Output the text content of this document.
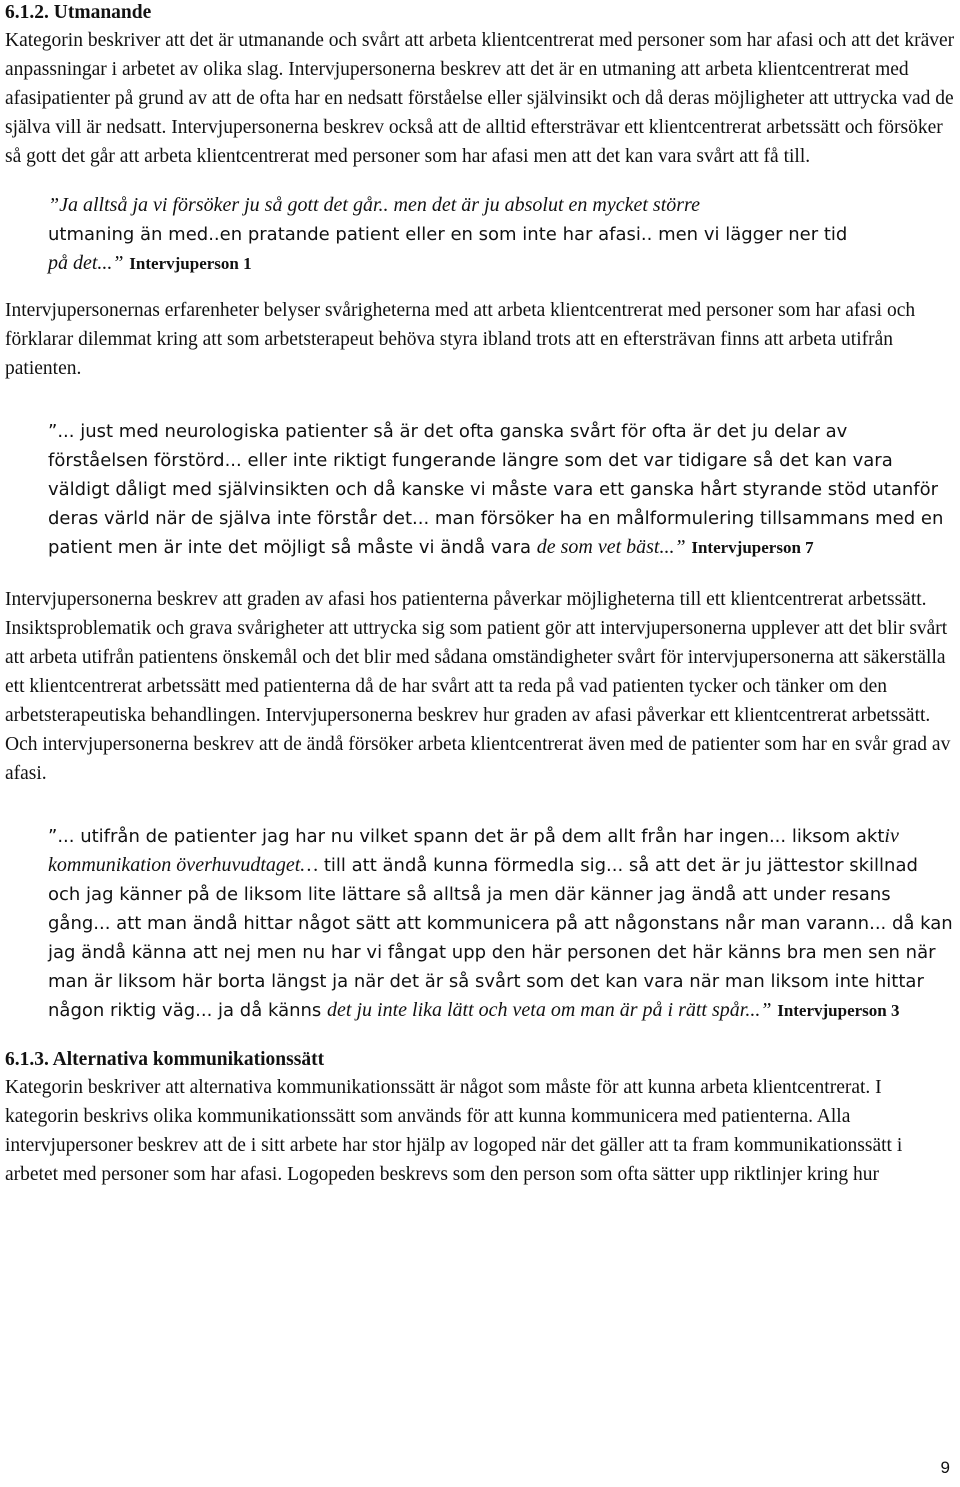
6.1.2. Utmanande

Kategorin beskriver att det är utmanande och svårt att arbeta klientcentrerat med personer som har afasi och att det kräver anpassningar i arbetet av olika slag. Intervjupersonerna beskrev att det är en utmaning att arbeta klientcentrerat med afasipatienter på grund av att de ofta har en nedsatt förståelse eller självinsikt och då deras möjligheter att uttrycka vad de själva vill är nedsatt. Intervjupersonerna beskrev också att de alltid eftersträvar ett klientcentrerat arbetssätt och försöker så gott det går att arbeta klientcentrerat med personer som har afasi men att det kan vara svårt att få till.

”Ja alltså ja vi försöker ju så gott det går.. men det är ju absolut en mycket större
utmaning än med..en pratande patient eller en som inte har afasi.. men vi lägger ner tid
på det...” Intervjuperson 1

Intervjupersonernas erfarenheter belyser svårigheterna med att arbeta klientcentrerat med personer som har afasi och förklarar dilemmat kring att som arbetsterapeut behöva styra ibland trots att en eftersträvan finns att arbeta utifrån patienten.

”... just med neurologiska patienter så är det ofta ganska svårt för ofta är det ju delar av förståelsen förstörd... eller inte riktigt fungerande längre som det var tidigare så det kan vara väldigt dåligt med självinsikten och då kanske vi måste vara ett ganska hårt styrande stöd utanför deras värld när de själva inte förstår det... man försöker ha en målformulering tillsammans med en patient men är inte det möjligt så måste vi ändå vara de som vet bäst...” Intervjuperson 7

Intervjupersonerna beskrev att graden av afasi hos patienterna påverkar möjligheterna till ett klientcentrerat arbetssätt. Insiktsproblematik och grava svårigheter att uttrycka sig som patient gör att intervjupersonerna upplever att det blir svårt att arbeta utifrån patientens önskemål och det blir med sådana omständigheter svårt för intervjupersonerna att säkerställa ett klientcentrerat arbetssätt med patienterna då de har svårt att ta reda på vad patienten tycker och tänker om den arbetsterapeutiska behandlingen. Intervjupersonerna beskrev hur graden av afasi påverkar ett klientcentrerat arbetssätt. Och intervjupersonerna beskrev att de ändå försöker arbeta klientcentrerat även med de patienter som har en svår grad av afasi.

”... utifrån de patienter jag har nu vilket spann det är på dem allt från har ingen... liksom aktiv kommunikation överhuvudtaget… till att ändå kunna förmedla sig... så att det är ju jättestor skillnad och jag känner på de liksom lite lättare så alltså ja men där känner jag ändå att under resans gång... att man ändå hittar något sätt att kommunicera på att någonstans når man varann... då kan jag ändå känna att nej men nu har vi fångat upp den här personen det här känns bra men sen när man är liksom här borta längst ja när det är så svårt som det kan vara när man liksom inte hittar någon riktig väg... ja då känns det ju inte lika lätt och veta om man är på i rätt spår...” Intervjuperson 3

6.1.3. Alternativa kommunikationssätt

Kategorin beskriver att alternativa kommunikationssätt är något som måste för att kunna arbeta klientcentrerat. I kategorin beskrivs olika kommunikationssätt som används för att kunna kommunicera med patienterna. Alla intervjupersoner beskrev att de i sitt arbete har stor hjälp av logoped när det gäller att ta fram kommunikationssätt i arbetet med personer som har afasi. Logopeden beskrevs som den person som ofta sätter upp riktlinjer kring hur

9
